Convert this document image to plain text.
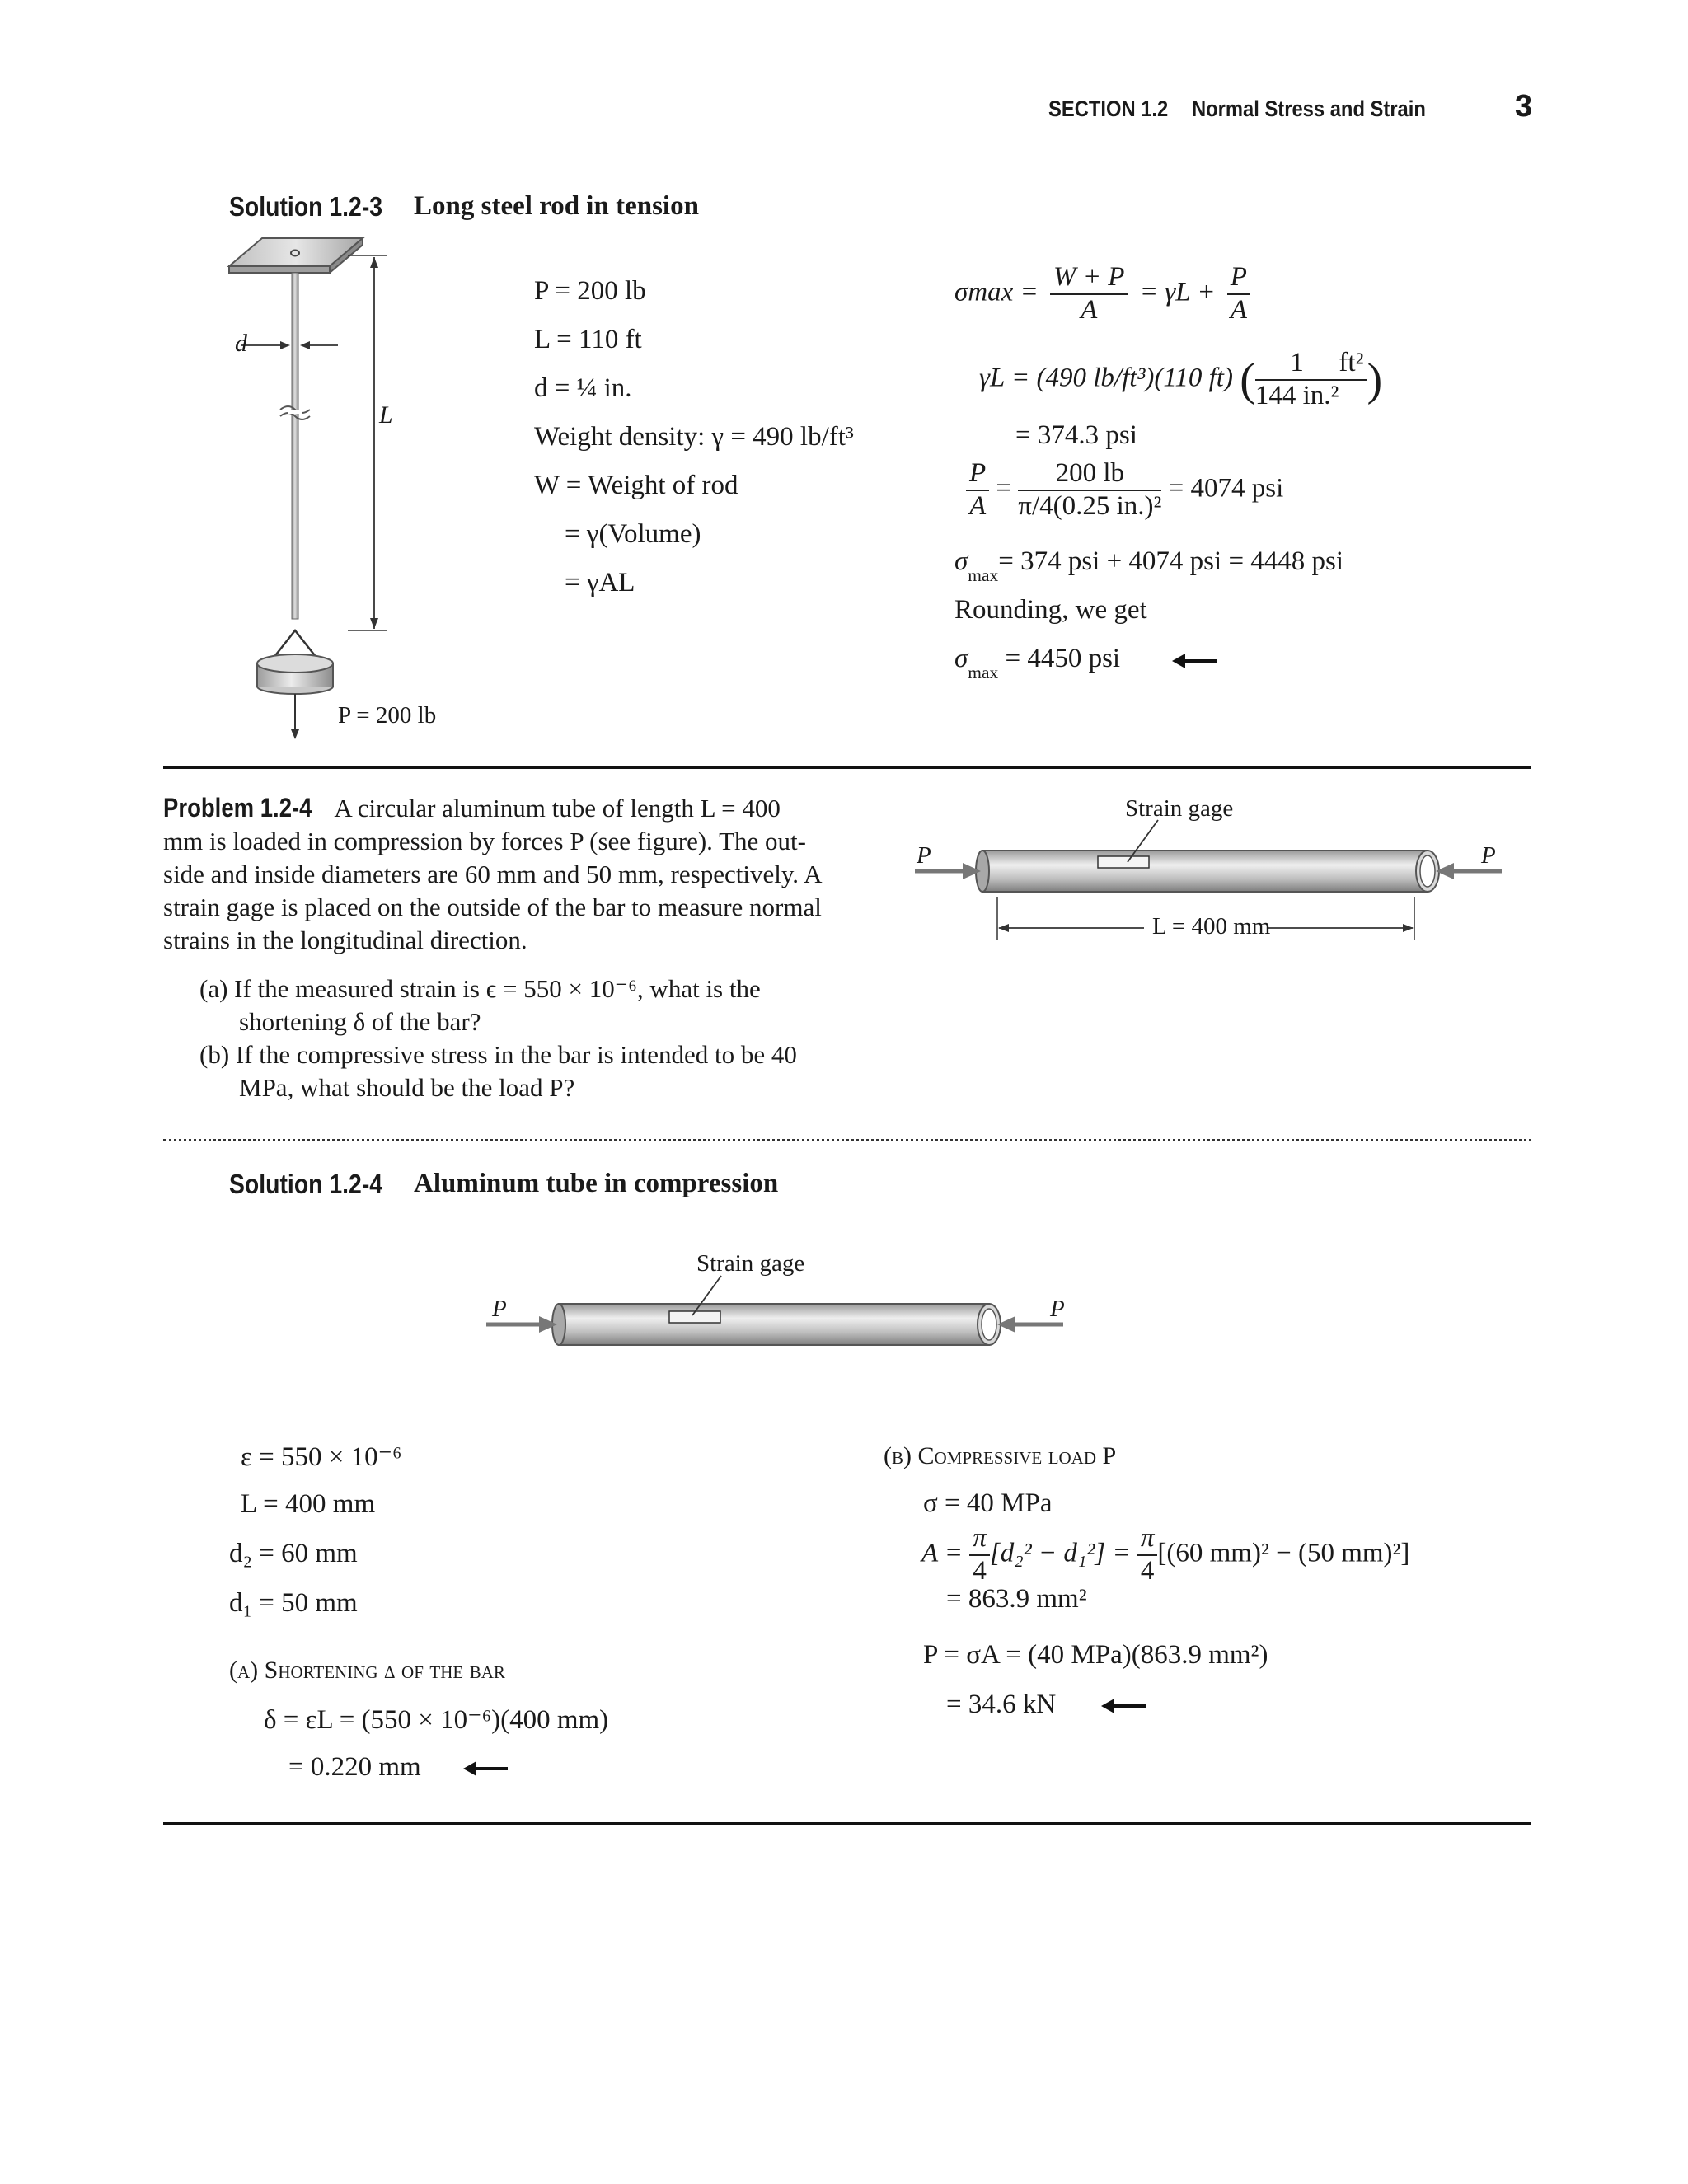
SECTION 1.2 Normal Stress and Strain	3
Solution 1.2-3 Long steel rod in tension
d
L
P = 200 lb
P = 200 lb
L = 110 ft
d = ¼ in.
Weight density: γ = 490 lb/ft³
W = Weight of rod
= γ(Volume)
= γAL
$\sigma\max = \frac{W + P}{A} = \gamma L + \frac{P}{A}$
γL = (490 lb/ft³)(110 ft) ( $\frac{1}{\text{144 in.²}} ft^2$
)
= 374.3 psi
$\frac{P}{A} = \frac{200 lb}{\text{π/4(0.25 in.)²}} = 4074$ psi
$\sigma_{max}= 374$ psi + 4074 psi = 4448 psi
Rounding, we get
$\sigma_{max} = 4450$ psi
Problem 1.2-4 A circular aluminum tube of length L = 400
mm is loaded in compression by forces P (see figure). The out-
side and inside diameters are 60 mm and 50 mm, respectively. A
strain gage is placed on the outside of the bar to measure normal
strains in the longitudinal direction.
(a) If the measured strain is ϵ = 550 × 10⁻⁶, what is the
shortening δ of the bar?
(b) If the compressive stress in the bar is intended to be 40
MPa, what should be the load P?
Strain gage
P	P
L = 400 mm
Solution 1.2-4 Aluminum tube in compression
Strain gage
P	P
ε = 550 × 10⁻⁶
L = 400 mm
d₂ = 60 mm
d₁ = 50 mm
(a) Shortening δ of the bar
δ = εL = (550 × 10⁻⁶)(400 mm)
= 0.220 mm
(b) Compressive load P
σ = 40 MPa
$A = \frac{\pi}{4} [d_2^2 - d_1^2] = \frac{\pi}{4} [(60$ mm)² − (50 mm)²]
= 863.9 mm²
P = σA = (40 MPa)(863.9 mm²)
= 34.6 kN
